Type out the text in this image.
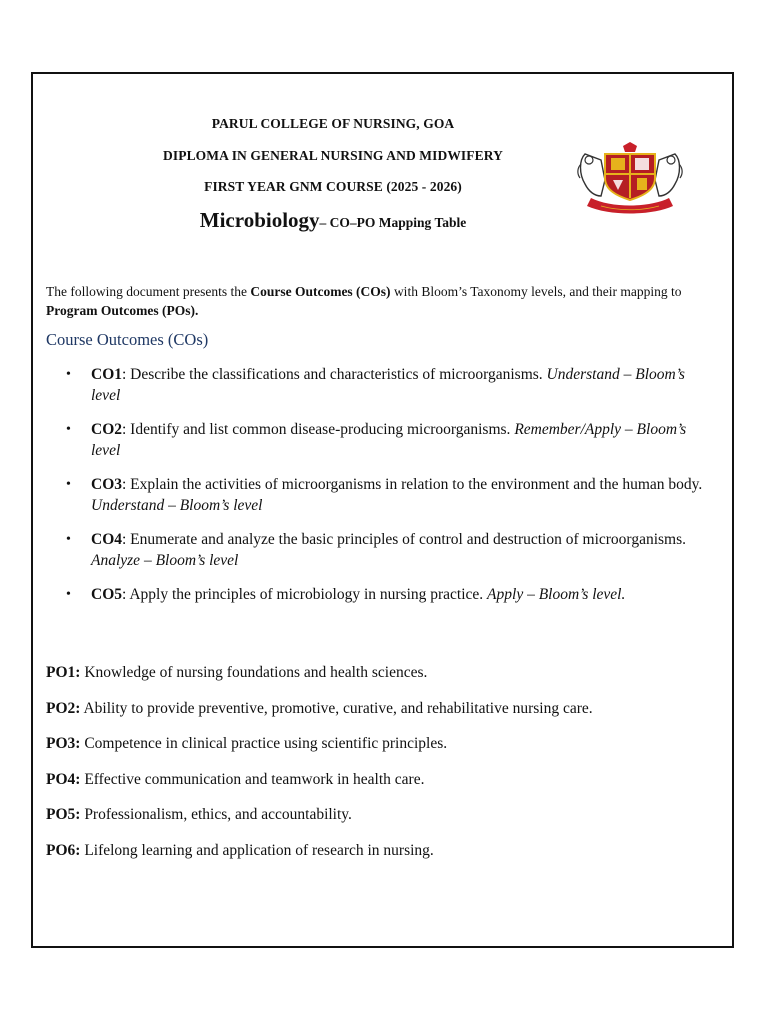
PARUL COLLEGE OF NURSING, GOA

DIPLOMA IN GENERAL NURSING AND MIDWIFERY

FIRST YEAR GNM COURSE (2025 - 2026)

Microbiology– CO–PO Mapping Table
The following document presents the Course Outcomes (COs) with Bloom’s Taxonomy levels, and their mapping to Program Outcomes (POs).
Course Outcomes (COs)
• CO1: Describe the classifications and characteristics of microorganisms. Understand – Bloom’s level
• CO2: Identify and list common disease-producing microorganisms. Remember/Apply – Bloom’s level
• CO3: Explain the activities of microorganisms in relation to the environment and the human body. Understand – Bloom’s level
• CO4: Enumerate and analyze the basic principles of control and destruction of microorganisms. Analyze – Bloom’s level
• CO5: Apply the principles of microbiology in nursing practice. Apply – Bloom’s level.
PO1: Knowledge of nursing foundations and health sciences.
PO2: Ability to provide preventive, promotive, curative, and rehabilitative nursing care.
PO3: Competence in clinical practice using scientific principles.
PO4: Effective communication and teamwork in health care.
PO5: Professionalism, ethics, and accountability.
PO6: Lifelong learning and application of research in nursing.
